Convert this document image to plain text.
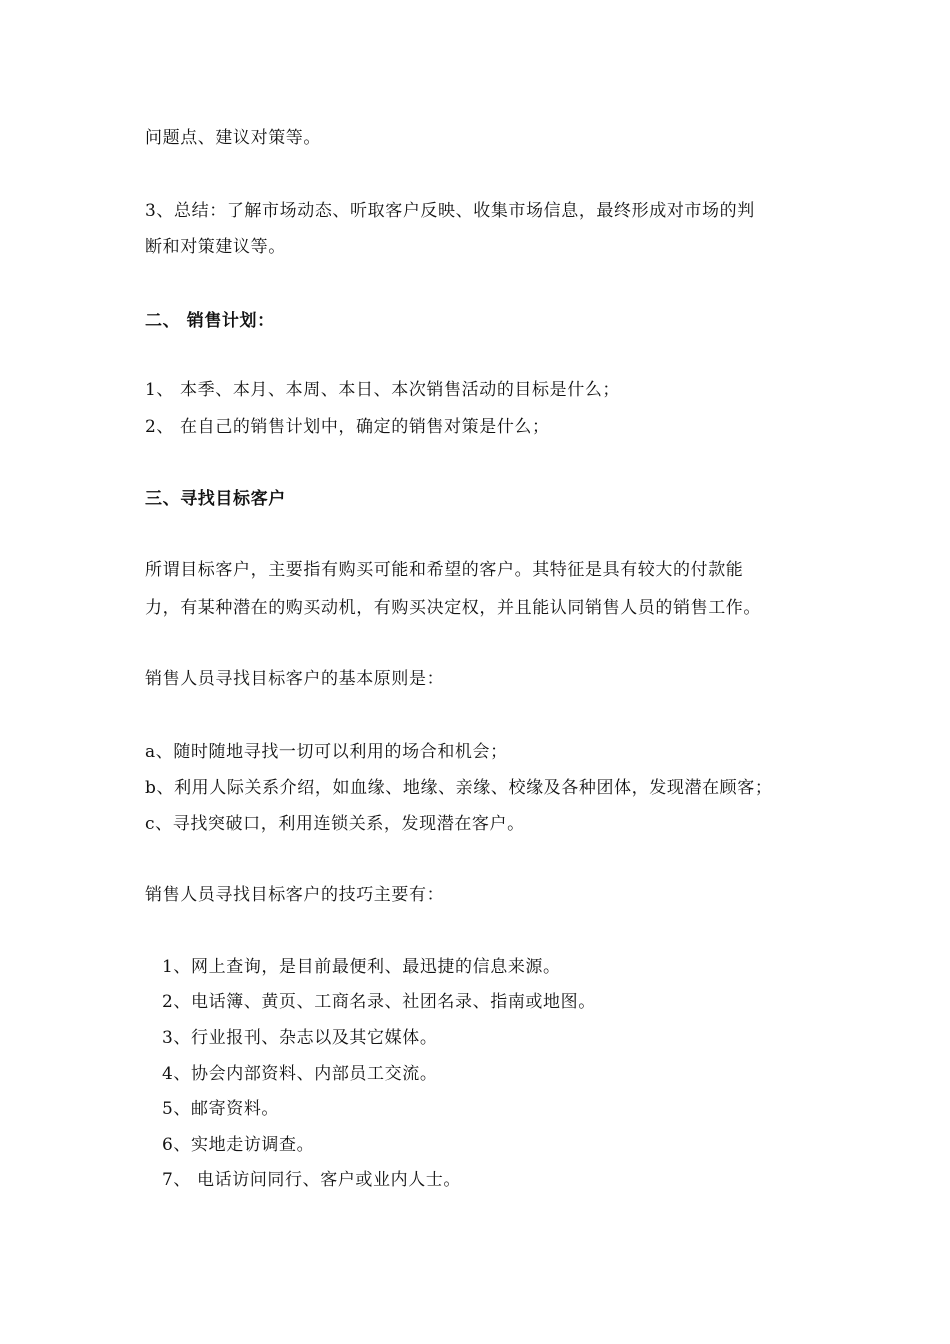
问题点、建议对策等。
3、总结：了解市场动态、听取客户反映、收集市场信息，最终形成对市场的判
断和对策建议等。
二、 销售计划：
1、 本季、本月、本周、本日、本次销售活动的目标是什么；
2、 在自己的销售计划中，确定的销售对策是什么；
三、寻找目标客户
所谓目标客户，主要指有购买可能和希望的客户。其特征是具有较大的付款能
力，有某种潜在的购买动机，有购买决定权，并且能认同销售人员的销售工作。
销售人员寻找目标客户的基本原则是：
a、随时随地寻找一切可以利用的场合和机会；
b、利用人际关系介绍，如血缘、地缘、亲缘、校缘及各种团体，发现潜在顾客；
c、寻找突破口，利用连锁关系，发现潜在客户。
销售人员寻找目标客户的技巧主要有：
1、网上查询，是目前最便利、最迅捷的信息来源。
2、电话簿、黄页、工商名录、社团名录、指南或地图。
3、行业报刊、杂志以及其它媒体。
4、协会内部资料、内部员工交流。
5、邮寄资料。
6、实地走访调查。
7、 电话访问同行、客户或业内人士。
